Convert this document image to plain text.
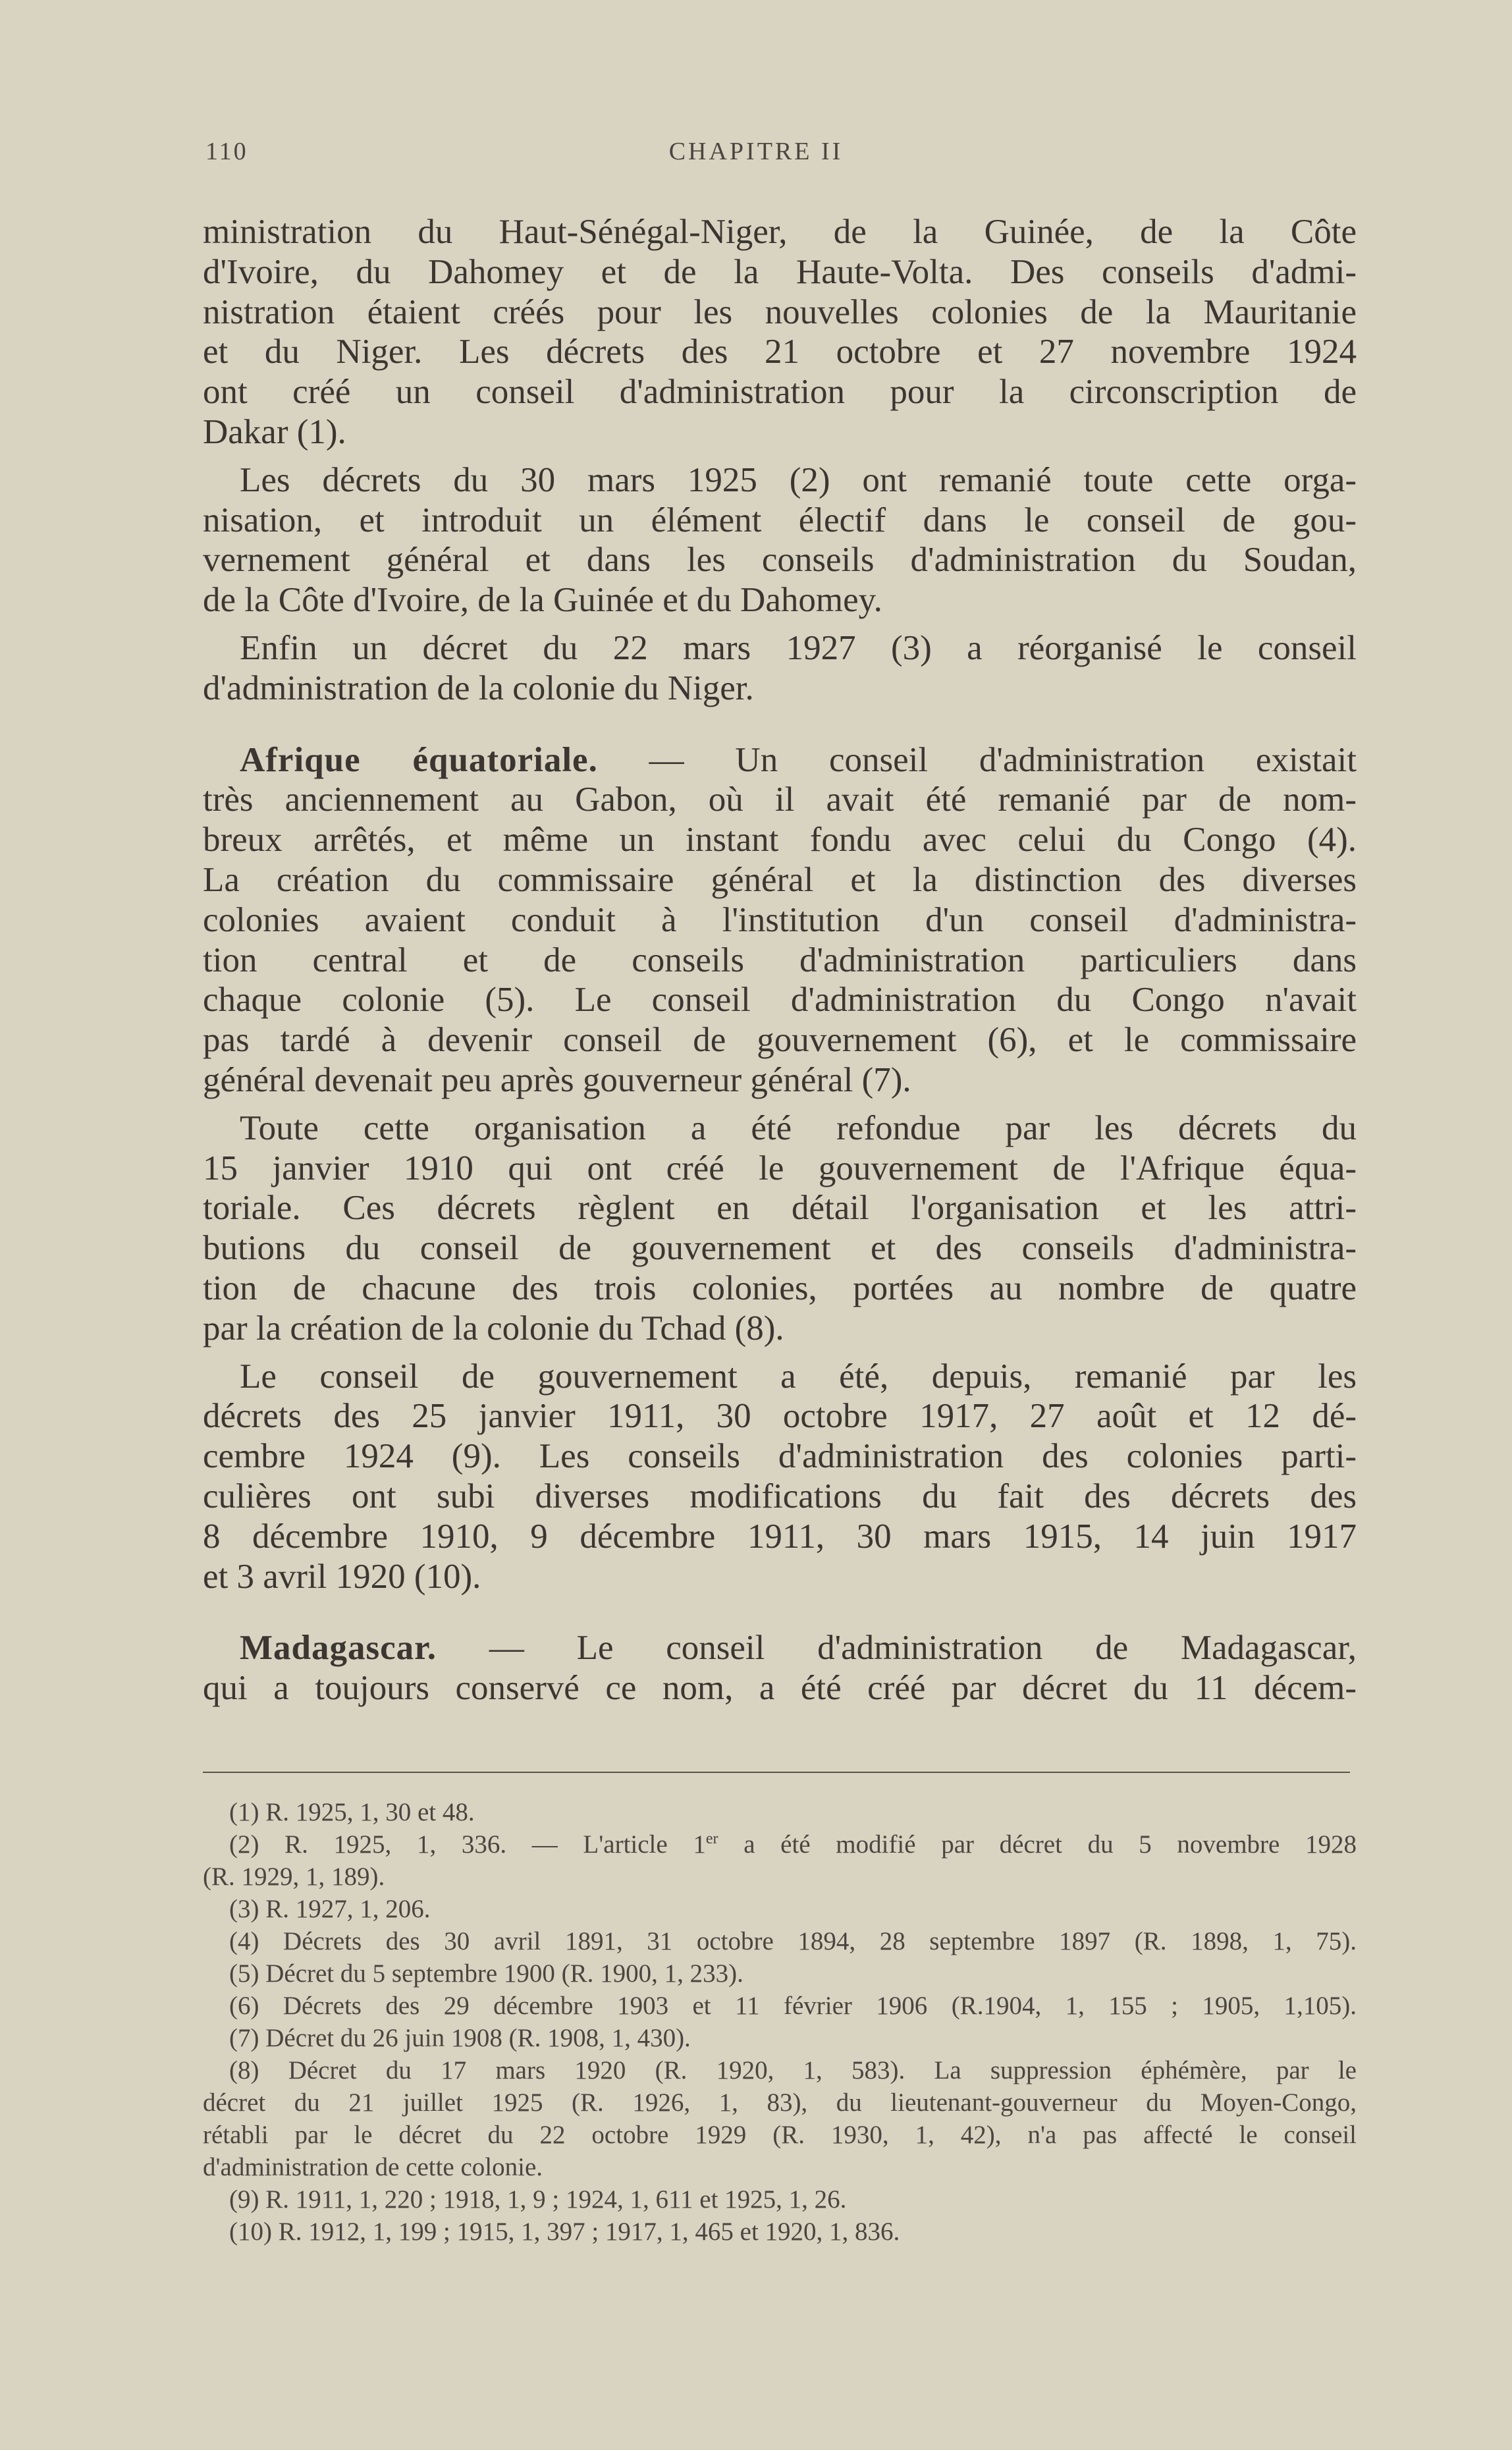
110	CHAPITRE II
ministration du Haut-Sénégal-Niger, de la Guinée, de la Côte
d'Ivoire, du Dahomey et de la Haute-Volta. Des conseils d'admi-
nistration étaient créés pour les nouvelles colonies de la Mauritanie
et du Niger. Les décrets des 21 octobre et 27 novembre 1924
ont créé un conseil d'administration pour la circonscription de
Dakar (1).
Les décrets du 30 mars 1925 (2) ont remanié toute cette orga-
nisation, et introduit un élément électif dans le conseil de gou-
vernement général et dans les conseils d'administration du Soudan,
de la Côte d'Ivoire, de la Guinée et du Dahomey.
Enfin un décret du 22 mars 1927 (3) a réorganisé le conseil
d'administration de la colonie du Niger.
Afrique équatoriale. — Un conseil d'administration existait
très anciennement au Gabon, où il avait été remanié par de nom-
breux arrêtés, et même un instant fondu avec celui du Congo (4).
La création du commissaire général et la distinction des diverses
colonies avaient conduit à l'institution d'un conseil d'administra-
tion central et de conseils d'administration particuliers dans
chaque colonie (5). Le conseil d'administration du Congo n'avait
pas tardé à devenir conseil de gouvernement (6), et le commissaire
général devenait peu après gouverneur général (7).
Toute cette organisation a été refondue par les décrets du
15 janvier 1910 qui ont créé le gouvernement de l'Afrique équa-
toriale. Ces décrets règlent en détail l'organisation et les attri-
butions du conseil de gouvernement et des conseils d'administra-
tion de chacune des trois colonies, portées au nombre de quatre
par la création de la colonie du Tchad (8).
Le conseil de gouvernement a été, depuis, remanié par les
décrets des 25 janvier 1911, 30 octobre 1917, 27 août et 12 dé-
cembre 1924 (9). Les conseils d'administration des colonies parti-
culières ont subi diverses modifications du fait des décrets des
8 décembre 1910, 9 décembre 1911, 30 mars 1915, 14 juin 1917
et 3 avril 1920 (10).
Madagascar. — Le conseil d'administration de Madagascar,
qui a toujours conservé ce nom, a été créé par décret du 11 décem-
(1) R. 1925, 1, 30 et 48.
(2) R. 1925, 1, 336. — L'article 1er a été modifié par décret du 5 novembre 1928
(R. 1929, 1, 189).
(3) R. 1927, 1, 206.
(4) Décrets des 30 avril 1891, 31 octobre 1894, 28 septembre 1897 (R. 1898, 1, 75).
(5) Décret du 5 septembre 1900 (R. 1900, 1, 233).
(6) Décrets des 29 décembre 1903 et 11 février 1906 (R.1904, 1, 155 ; 1905, 1,105).
(7) Décret du 26 juin 1908 (R. 1908, 1, 430).
(8) Décret du 17 mars 1920 (R. 1920, 1, 583). La suppression éphémère, par le
décret du 21 juillet 1925 (R. 1926, 1, 83), du lieutenant-gouverneur du Moyen-Congo,
rétabli par le décret du 22 octobre 1929 (R. 1930, 1, 42), n'a pas affecté le conseil
d'administration de cette colonie.
(9) R. 1911, 1, 220 ; 1918, 1, 9 ; 1924, 1, 611 et 1925, 1, 26.
(10) R. 1912, 1, 199 ; 1915, 1, 397 ; 1917, 1, 465 et 1920, 1, 836.
